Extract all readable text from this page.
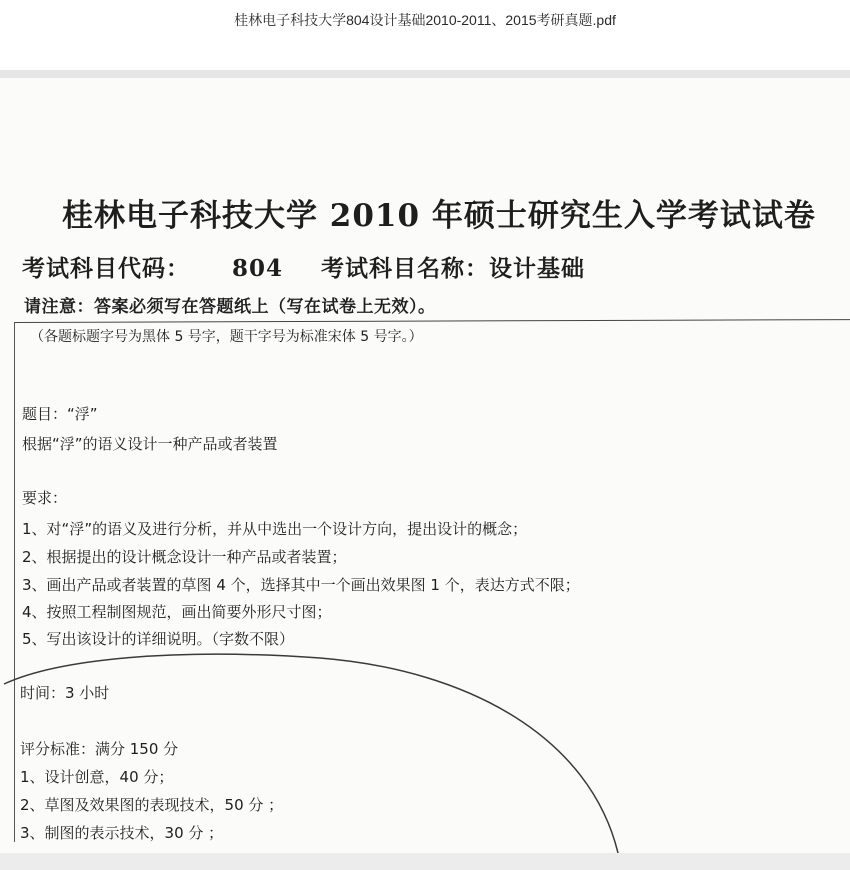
桂林电子科技大学804设计基础2010-2011、2015考研真题.pdf
桂林电子科技大学 2010 年硕士研究生入学考试试卷
考试科目代码： 804 考试科目名称：设计基础
请注意：答案必须写在答题纸上（写在试卷上无效）。
（各题标题字号为黑体 5 号字，题干字号为标准宋体 5 号字。）
题目：“浮”
根据“浮”的语义设计一种产品或者装置
要求：
1、对“浮”的语义及进行分析，并从中选出一个设计方向，提出设计的概念；
2、根据提出的设计概念设计一种产品或者装置；
3、画出产品或者装置的草图 4 个，选择其中一个画出效果图 1 个，表达方式不限；
4、按照工程制图规范，画出简要外形尺寸图；
5、写出该设计的详细说明。（字数不限）
时间：3 小时
评分标准：满分 150 分
1、设计创意，40 分；
2、草图及效果图的表现技术，50 分 ；
3、制图的表示技术，30 分 ；
